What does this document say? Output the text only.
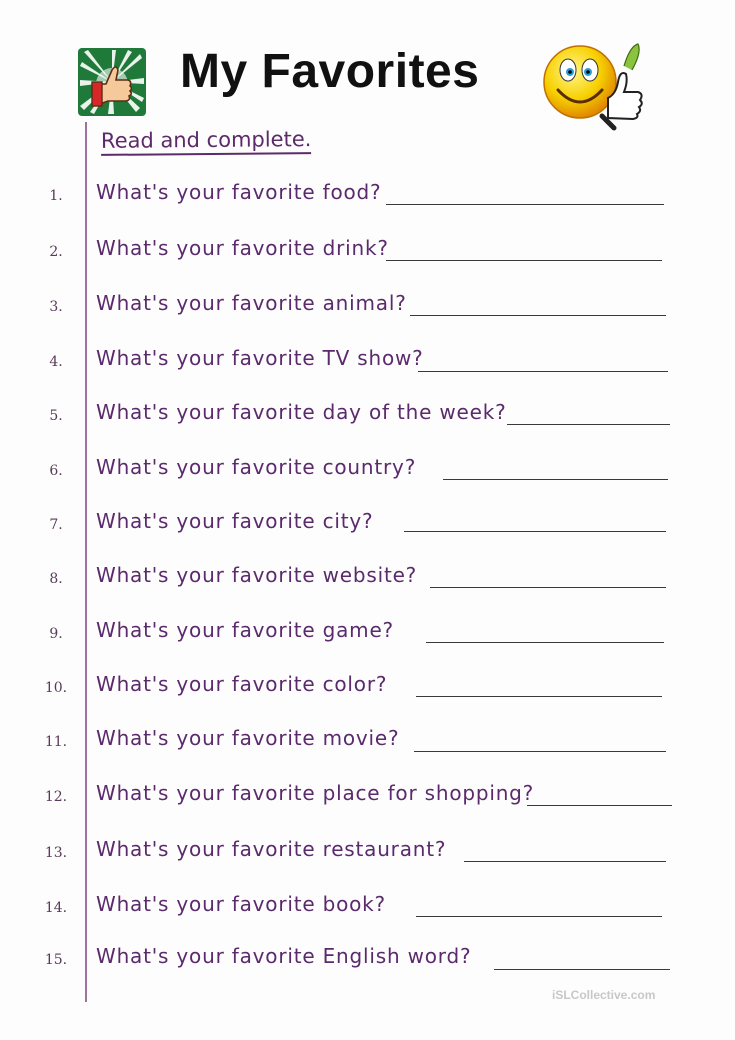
My Favorites
Read and complete.
1.	What's your favorite food?
2.	What's your favorite drink?
3.	What's your favorite animal?
4.	What's your favorite TV show?
5.	What's your favorite day of the week?
6.	What's your favorite country?
7.	What's your favorite city?
8.	What's your favorite website?
9.	What's your favorite game?
10. What's your favorite color?
11. What's your favorite movie?
12. What's your favorite place for shopping?
13. What's your favorite restaurant?
14. What's your favorite book?
15. What's your favorite English word?
iSLCollective.com
